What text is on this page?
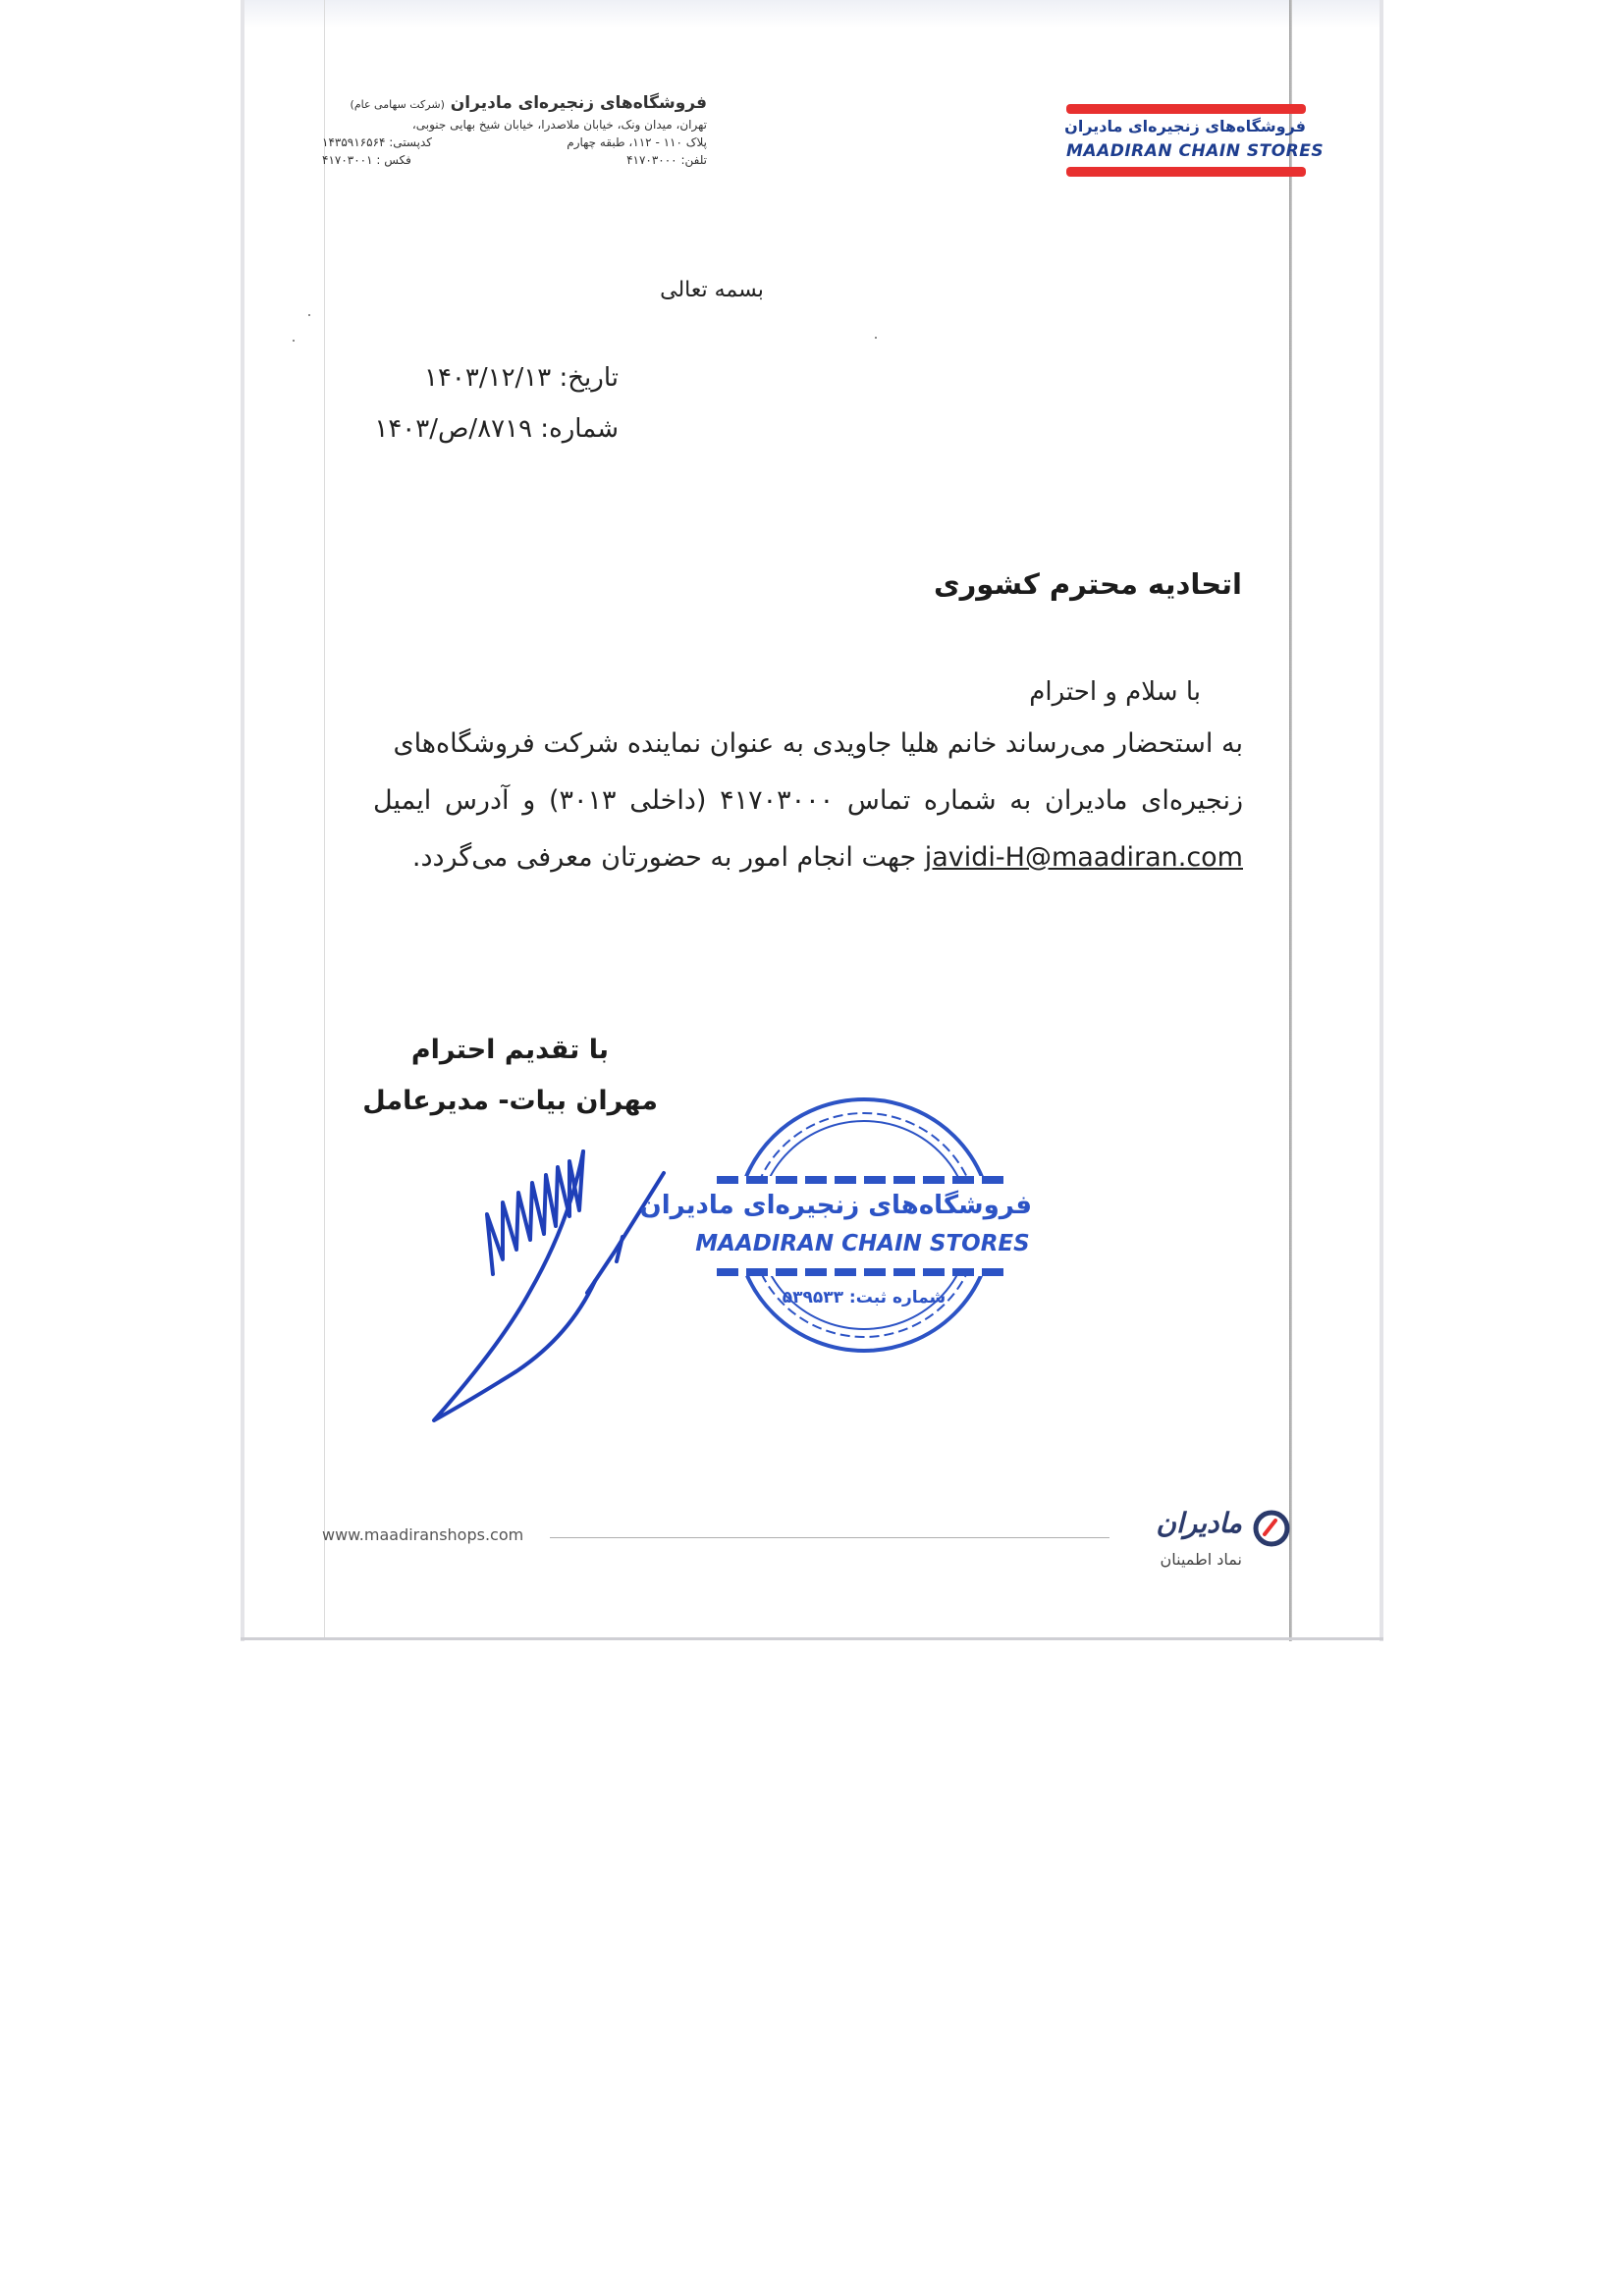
فروشگاه‌های زنجیره‌ای مادیران (شرکت سهامی عام)
تهران، میدان ونک، خیابان ملاصدرا، خیابان شیخ بهایی جنوبی،
پلاک ۱۱۰ - ۱۱۲، طبقه چهارم
کدپستی: ۱۴۳۵۹۱۶۵۶۴
تلفن: ۴۱۷۰۳۰۰۰
فکس : ۴۱۷۰۳۰۰۱
فروشگاه‌های زنجیره‌ای مادیران
MAADIRAN CHAIN STORES
بسمه تعالی
تاریخ: ۱۴۰۳/۱۲/۱۳
شماره: ۸۷۱۹/ص/۱۴۰۳
اتحادیه محترم کشوری
با سلام و احترام
به استحضار می‌رساند خانم هلیا جاویدی به عنوان نماینده شرکت فروشگاه‌های
زنجیره‌ای مادیران به شماره تماس ۴۱۷۰۳۰۰۰ (داخلی ۳۰۱۳) و آدرس ایمیل
javidi-H@maadiran.com جهت انجام امور به حضورتان معرفی می‌گردد.
با تقدیم احترام
مهران بیات- مدیرعامل
فروشگاه‌های زنجیره‌ای مادیران
MAADIRAN CHAIN STORES
شماره ثبت: ۵۳۹۵۳۳
www.maadiranshops.com	مادیران
نماد اطمینان
